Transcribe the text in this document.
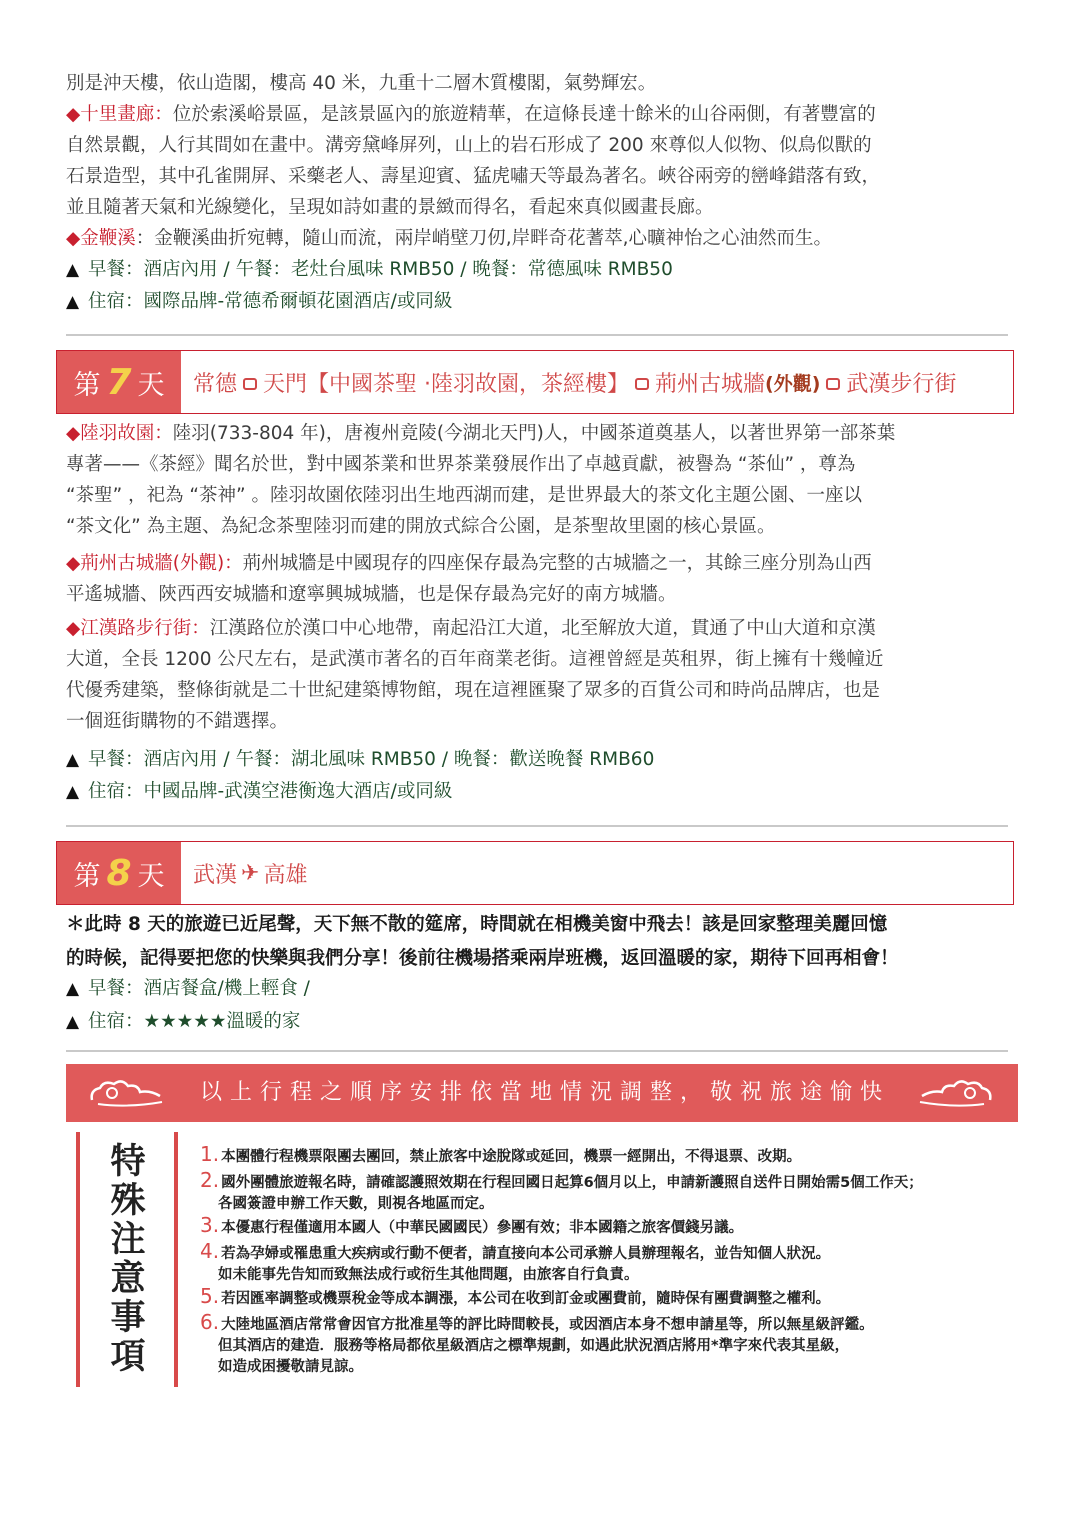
別是沖天樓，依山造閣，樓高 40 米，九重十二層木質樓閣，氣勢輝宏。

◆十里畫廊：位於索溪峪景區，是該景區內的旅遊精華，在這條長達十餘米的山谷兩側，有著豐富的
自然景觀，人行其間如在畫中。溝旁黛峰屏列，山上的岩石形成了 200 來尊似人似物、似鳥似獸的
石景造型，其中孔雀開屏、采藥老人、壽星迎賓、猛虎嘯天等最為著名。峽谷兩旁的巒峰錯落有致，
並且隨著天氣和光線變化，呈現如詩如畫的景緻而得名，看起來真似國畫長廊。
◆金鞭溪：金鞭溪曲折宛轉，隨山而流，兩岸峭壁刀仞,岸畔奇花蓍萃,心曠神怡之心油然而生。

▲ 早餐：酒店內用 / 午餐：老灶台風味 RMB50 / 晚餐：常德風味 RMB50

▲ 住宿：國際品牌-常德希爾頓花園酒店/或同級

第 7 天 常德 天門【中國茶聖 ·陸羽故園，茶經樓】 荊州古城牆 (外觀) 武漢步行街
◆陸羽故園：陸羽(733-804 年)，唐複州竟陵(今湖北天門)人，中國茶道奠基人，以著世界第一部茶葉
專著——《茶經》聞名於世，對中國茶業和世界茶業發展作出了卓越貢獻，被譽為 “茶仙” ，尊為
“茶聖” ，祀為 “茶神” 。陸羽故園依陸羽出生地西湖而建，是世界最大的茶文化主題公園、一座以
“茶文化” 為主題、為紀念茶聖陸羽而建的開放式綜合公園，是茶聖故里園的核心景區。
◆荊州古城牆(外觀)：荊州城牆是中國現存的四座保存最為完整的古城牆之一，其餘三座分別為山西
平遙城牆、陝西西安城牆和遼寧興城城牆，也是保存最為完好的南方城牆。
◆江漢路步行街：江漢路位於漢口中心地帶，南起沿江大道，北至解放大道，貫通了中山大道和京漢
大道，全長 1200 公尺左右，是武漢市著名的百年商業老街。這裡曾經是英租界，街上擁有十幾幢近
代優秀建築，整條街就是二十世紀建築博物館，現在這裡匯聚了眾多的百貨公司和時尚品牌店，也是
一個逛街購物的不錯選擇。

▲ 早餐：酒店內用 / 午餐：湖北風味 RMB50 / 晚餐：歡送晚餐 RMB60

▲ 住宿：中國品牌-武漢空港衡逸大酒店/或同級

第 8 天 武漢 ✈ 高雄
＊此時 8 天的旅遊已近尾聲，天下無不散的筵席，時間就在相機美窗中飛去！該是回家整理美麗回憶
的時候，記得要把您的快樂與我們分享！後前往機場搭乘兩岸班機，返回溫暖的家，期待下回再相會！

▲ 早餐：酒店餐盒/機上輕食 /

▲ 住宿：★★★★★溫暖的家

以上行程之順序安排依當地情況調整，敬祝旅途愉快
特殊注意事項
1. 本團體行程機票限團去團回，禁止旅客中途脫隊或延回，機票一經開出，不得退票、改期。
2. 國外團體旅遊報名時，請確認護照效期在行程回國日起算6個月以上，申請新護照自送件日開始需5個工作天；
各國簽證申辦工作天數，則視各地區而定。
3. 本優惠行程僅適用本國人（中華民國國民）參團有效；非本國籍之旅客價錢另議。
4. 若為孕婦或罹患重大疾病或行動不便者，請直接向本公司承辦人員辦理報名，並告知個人狀況。
如未能事先告知而致無法成行或衍生其他問題，由旅客自行負責。
5. 若因匯率調整或機票稅金等成本調漲，本公司在收到訂金或團費前，隨時保有團費調整之權利。
6. 大陸地區酒店常常會因官方批准星等的評比時間較長，或因酒店本身不想申請星等，所以無星級評鑑。
但其酒店的建造．服務等格局都依星級酒店之標準規劃，如遇此狀況酒店將用*準字來代表其星級，
如造成困擾敬請見諒。
